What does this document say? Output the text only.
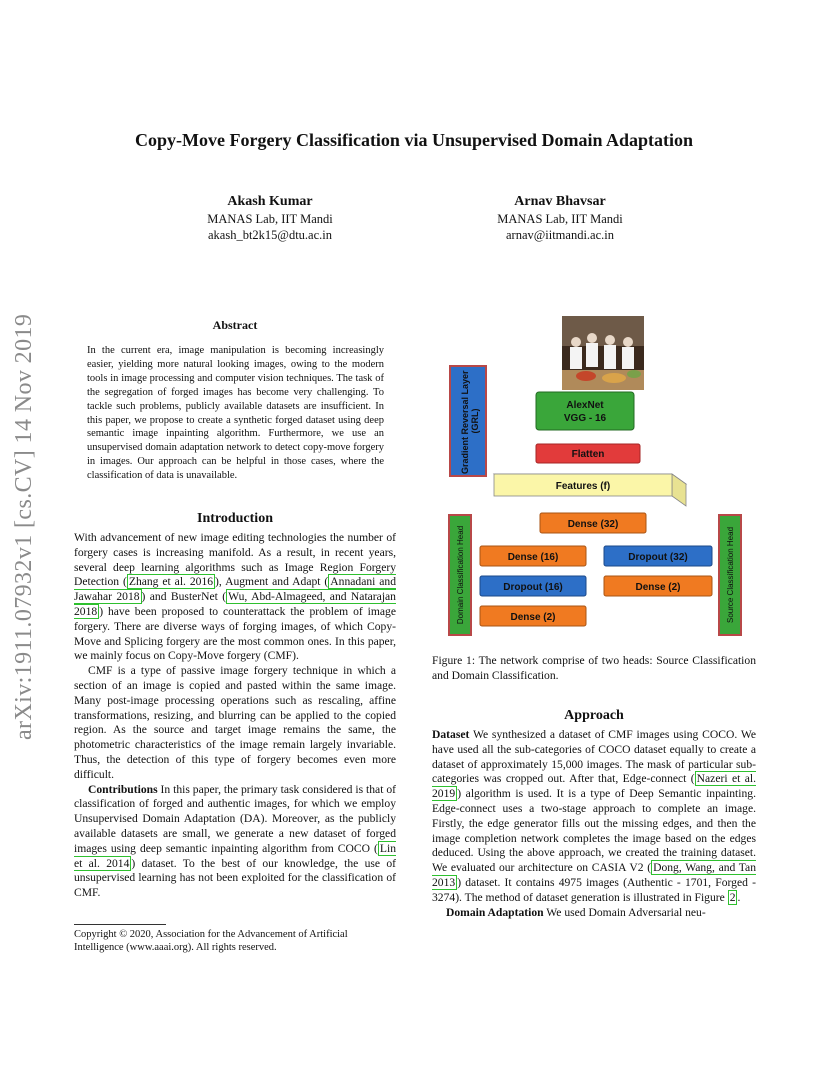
arXiv:1911.07932v1 [cs.CV] 14 Nov 2019
Copy-Move Forgery Classification via Unsupervised Domain Adaptation
Akash Kumar
MANAS Lab, IIT Mandi
akash_bt2k15@dtu.ac.in
Arnav Bhavsar
MANAS Lab, IIT Mandi
arnav@iitmandi.ac.in
Abstract
In the current era, image manipulation is becoming increasingly easier, yielding more natural looking images, owing to the modern tools in image processing and computer vision techniques. The task of the segregation of forged images has become very challenging. To tackle such problems, publicly available datasets are insufficient. In this paper, we propose to create a synthetic forged dataset using deep semantic image inpainting algorithm. Furthermore, we use an unsupervised domain adaptation network to detect copy-move forgery in images. Our approach can be helpful in those cases, where the classification of data is unavailable.
Introduction

With advancement of new image editing technologies the number of forgery cases is increasing manifold. As a result, in recent years, several deep learning algorithms such as Image Region Forgery Detection ( Zhang et al. 2016 ), Augment and Adapt ( Annadani and Jawahar 2018 ) and BusterNet ( Wu, Abd-Almageed, and Natarajan 2018 ) have been proposed to counterattack the problem of image forgery. There are diverse ways of forging images, of which Copy-Move and Splicing forgery are the most common ones. In this paper, we mainly focus on Copy-Move forgery (CMF).

CMF is a type of passive image forgery technique in which a section of an image is copied and pasted within the same image. Many post-image processing operations such as rescaling, affine transformations, resizing, and blurring can be applied to the copied region. As the source and target image remains the same, the photometric characteristics of the image remain largely invariable. Thus, the detection of this type of forgery becomes even more difficult.

Contributions In this paper, the primary task considered is that of classification of forged and authentic images, for which we employ Unsupervised Domain Adaptation (DA). Moreover, as the publicly available datasets are small, we generate a new dataset of forged images using deep semantic inpainting algorithm from COCO ( Lin et al. 2014 ) dataset. To the best of our knowledge, the use of unsupervised learning has not been exploited for the classification of CMF.

Copyright © 2020, Association for the Advancement of Artificial Intelligence (www.aaai.org). All rights reserved.
Gradient Reversal Layer (GRL)
AlexNet
VGG - 16
Flatten
Features (f)
Domain Classification Head	Source Classification Head
Dense (32)
Dense (16)	Dropout (32)
Dropout (16)	Dense (2)
Dense (2)
Figure 1: The network comprise of two heads: Source Classification and Domain Classification.
Approach

Dataset We synthesized a dataset of CMF images using COCO. We have used all the sub-categories of COCO dataset equally to create a dataset of approximately 15,000 images. The mask of particular sub-categories was cropped out. After that, Edge-connect ( Nazeri et al. 2019 ) algorithm is used. It is a type of Deep Semantic inpainting. Edge-connect uses a two-stage approach to complete an image. Firstly, the edge generator fills out the missing edges, and then the image completion network completes the image based on the edges deduced. Using the above approach, we created the training dataset. We evaluated our architecture on CASIA V2 ( Dong, Wang, and Tan 2013 ) dataset. It contains 4975 images (Authentic - 1701, Forged - 3274). The method of dataset generation is illustrated in Figure 2 .

Domain Adaptation We used Domain Adversarial neu-
